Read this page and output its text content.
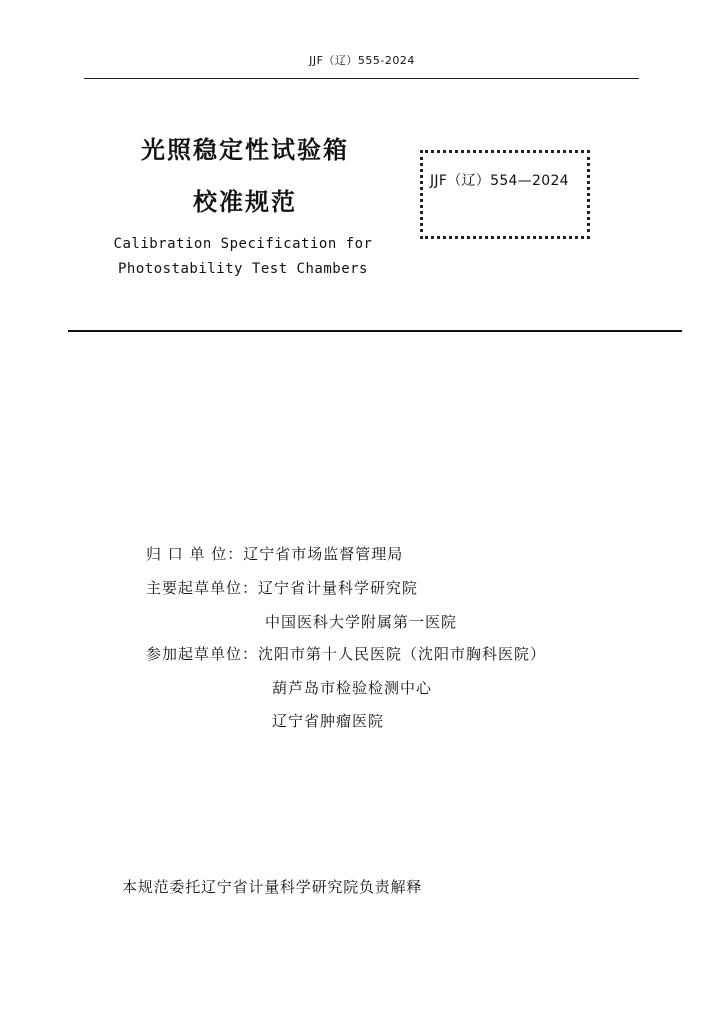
JJF（辽）555-2024
光照稳定性试验箱
校准规范
Calibration Specification for
Photostability Test Chambers
JJF（辽）554—2024
归 口 单 位：辽宁省市场监督管理局
主要起草单位：辽宁省计量科学研究院
中国医科大学附属第一医院
参加起草单位：沈阳市第十人民医院（沈阳市胸科医院）
葫芦岛市检验检测中心
辽宁省肿瘤医院
本规范委托辽宁省计量科学研究院负责解释
